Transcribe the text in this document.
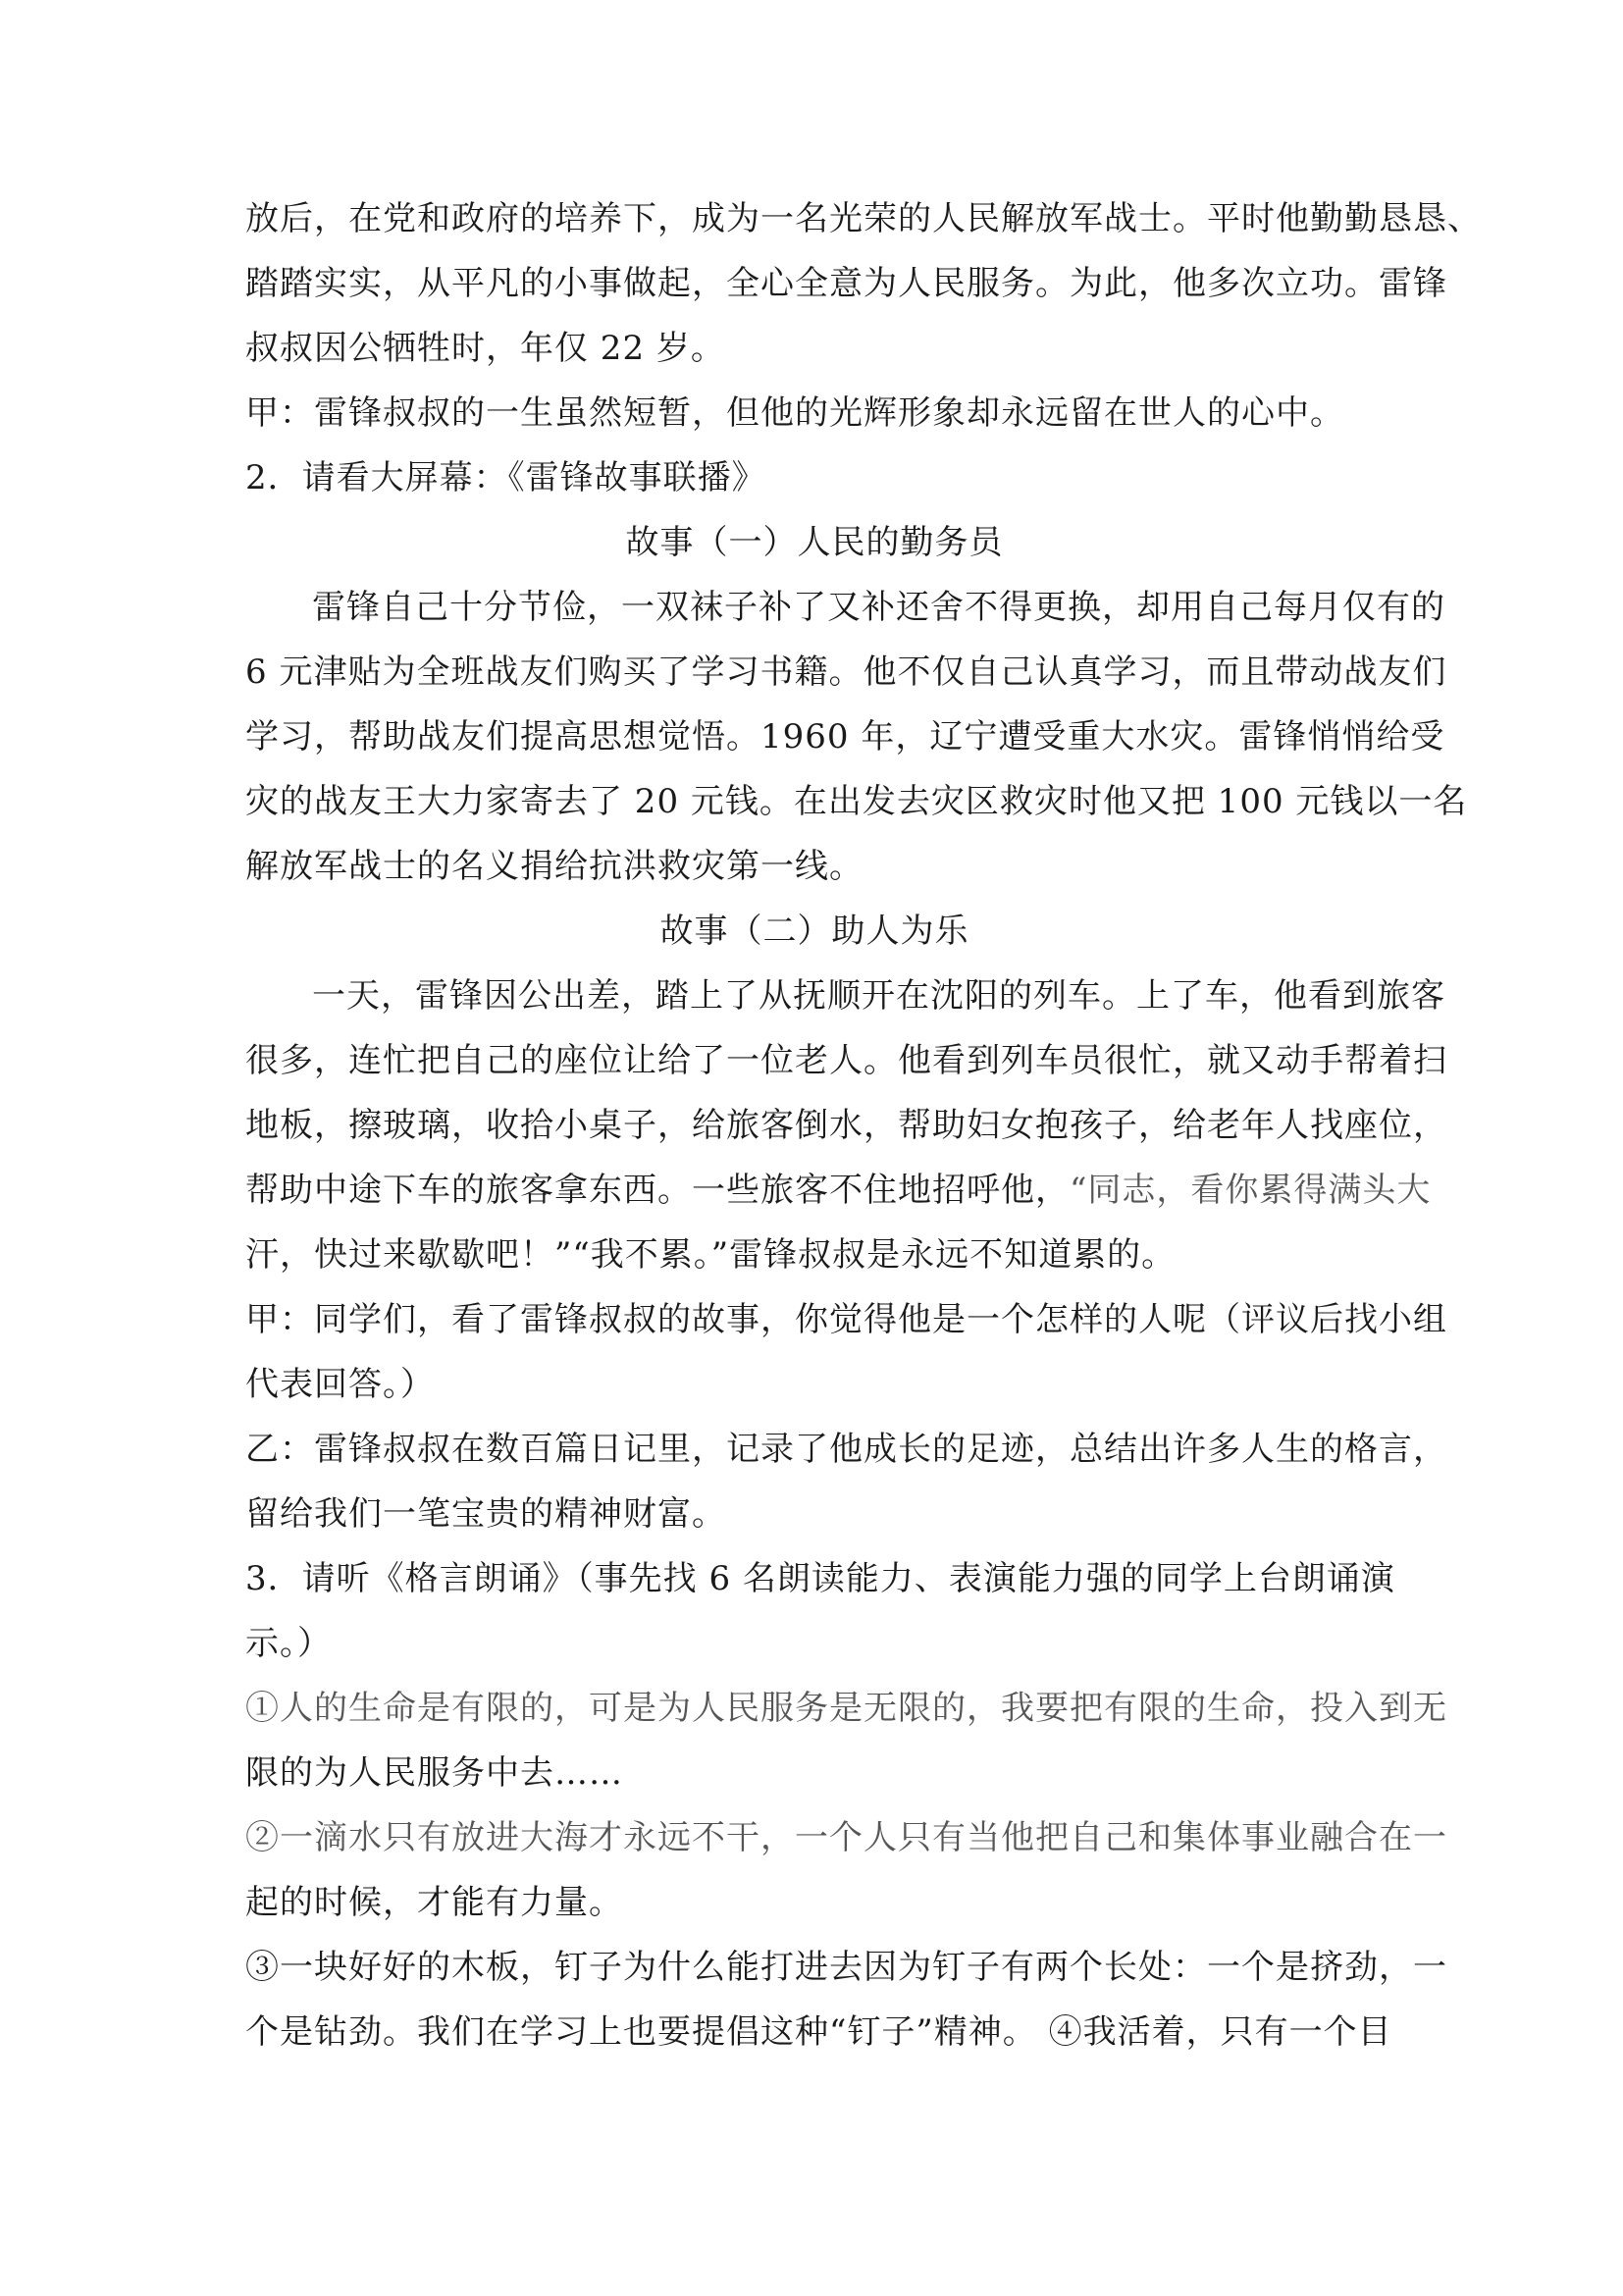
放后，在党和政府的培养下，成为一名光荣的人民解放军战士。平时他勤勤恳恳、
踏踏实实，从平凡的小事做起，全心全意为人民服务。为此，他多次立功。雷锋
叔叔因公牺牲时，年仅 22 岁。
甲：雷锋叔叔的一生虽然短暂，但他的光辉形象却永远留在世人的心中。
2．请看大屏幕：《雷锋故事联播》
故事（一）人民的勤务员
雷锋自己十分节俭，一双袜子补了又补还舍不得更换，却用自己每月仅有的
6 元津贴为全班战友们购买了学习书籍。他不仅自己认真学习，而且带动战友们
学习，帮助战友们提高思想觉悟。1960 年，辽宁遭受重大水灾。雷锋悄悄给受
灾的战友王大力家寄去了 20 元钱。在出发去灾区救灾时他又把 100 元钱以一名
解放军战士的名义捐给抗洪救灾第一线。
故事（二）助人为乐
一天，雷锋因公出差，踏上了从抚顺开在沈阳的列车。上了车，他看到旅客
很多，连忙把自己的座位让给了一位老人。他看到列车员很忙，就又动手帮着扫
地板，擦玻璃，收拾小桌子，给旅客倒水，帮助妇女抱孩子，给老年人找座位，
帮助中途下车的旅客拿东西。一些旅客不住地招呼他，“同志，看你累得满头大
汗，快过来歇歇吧！”“我不累。”雷锋叔叔是永远不知道累的。
甲：同学们，看了雷锋叔叔的故事，你觉得他是一个怎样的人呢（评议后找小组
代表回答。）
乙：雷锋叔叔在数百篇日记里，记录了他成长的足迹，总结出许多人生的格言，
留给我们一笔宝贵的精神财富。
3．请听《格言朗诵》（事先找 6 名朗读能力、表演能力强的同学上台朗诵演
示。）
①人的生命是有限的，可是为人民服务是无限的，我要把有限的生命，投入到无
限的为人民服务中去……
②一滴水只有放进大海才永远不干，一个人只有当他把自己和集体事业融合在一
起的时候，才能有力量。
③一块好好的木板，钉子为什么能打进去因为钉子有两个长处：一个是挤劲，一
个是钻劲。我们在学习上也要提倡这种“钉子”精神。 ④我活着，只有一个目
